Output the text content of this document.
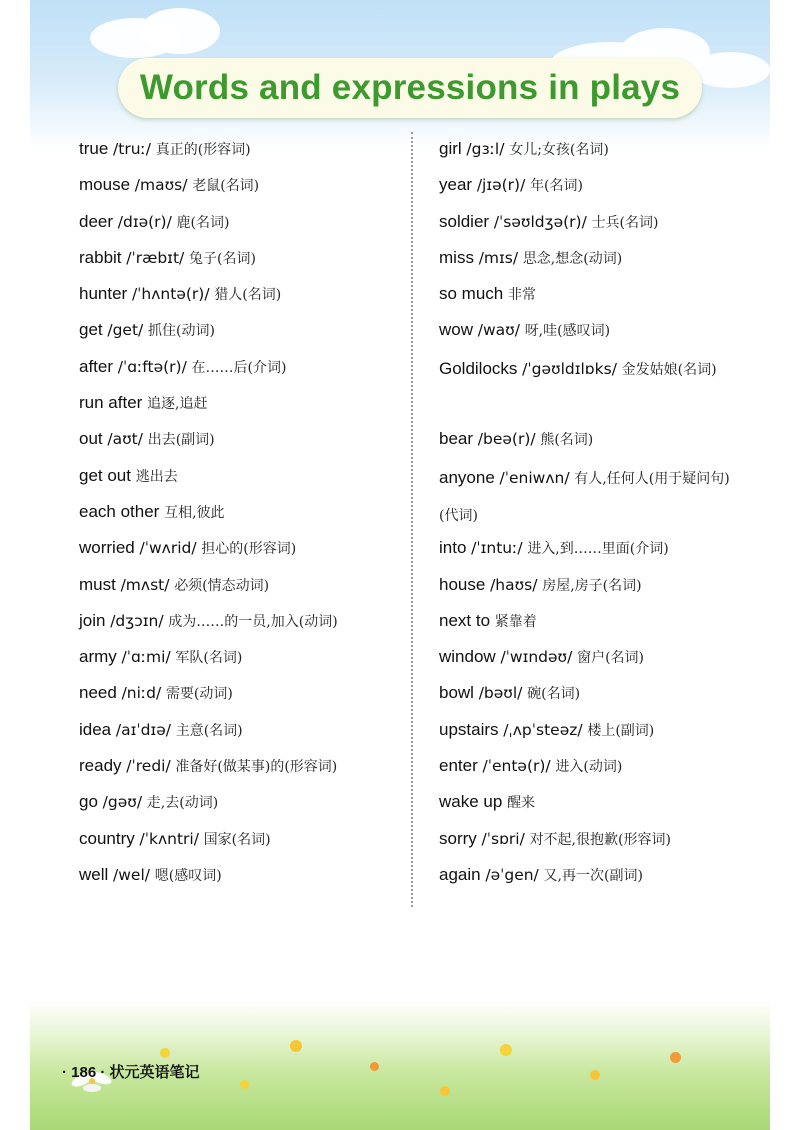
Words and expressions in plays
true /truː/ 真正的(形容词)
mouse /maʊs/ 老鼠(名词)
deer /dɪə(r)/ 鹿(名词)
rabbit /ˈræbɪt/ 兔子(名词)
hunter /ˈhʌntə(r)/ 猎人(名词)
get /get/ 抓住(动词)
after /ˈɑːftə(r)/ 在……后(介词)
run after 追逐,追赶
out /aʊt/ 出去(副词)
get out 逃出去
each other 互相,彼此
worried /ˈwʌrid/ 担心的(形容词)
must /mʌst/ 必须(情态动词)
join /dʒɔɪn/ 成为……的一员,加入(动词)
army /ˈɑːmi/ 军队(名词)
need /niːd/ 需要(动词)
idea /aɪˈdɪə/ 主意(名词)
ready /ˈredi/ 准备好(做某事)的(形容词)
go /gəʊ/ 走,去(动词)
country /ˈkʌntri/ 国家(名词)
well /wel/ 嗯(感叹词)
girl /gɜːl/ 女儿;女孩(名词)
year /jɪə(r)/ 年(名词)
soldier /ˈsəʊldʒə(r)/ 士兵(名词)
miss /mɪs/ 思念,想念(动词)
so much 非常
wow /waʊ/ 呀,哇(感叹词)
Goldilocks /ˈgəʊldɪlɒks/ 金发姑娘(名词)
bear /beə(r)/ 熊(名词)
anyone /ˈeniwʌn/ 有人,任何人(用于疑问句)(代词)
into /ˈɪntuː/ 进入,到……里面(介词)
house /haʊs/ 房屋,房子(名词)
next to 紧靠着
window /ˈwɪndəʊ/ 窗户(名词)
bowl /bəʊl/ 碗(名词)
upstairs /ˌʌpˈsteəz/ 楼上(副词)
enter /ˈentə(r)/ 进入(动词)
wake up 醒来
sorry /ˈsɒri/ 对不起,很抱歉(形容词)
again /əˈgen/ 又,再一次(副词)
· 186 · 状元英语笔记
